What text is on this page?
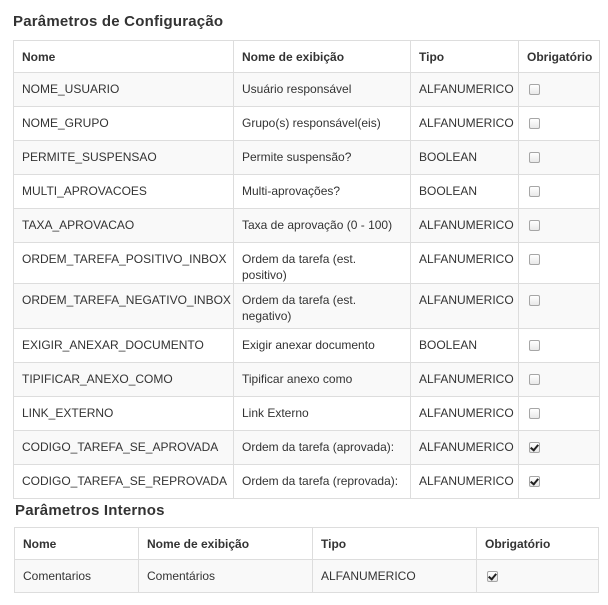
Parâmetros de Configuração
Nome	Nome de exibição	Tipo	Obrigatório
NOME_USUARIO	Usuário responsável	ALFANUMERICO	
NOME_GRUPO	Grupo(s) responsável(eis)	ALFANUMERICO	
PERMITE_SUSPENSAO	Permite suspensão?	BOOLEAN	
MULTI_APROVACOES	Multi-aprovações?	BOOLEAN	
TAXA_APROVACAO	Taxa de aprovação (0 - 100)	ALFANUMERICO	
ORDEM_TAREFA_POSITIVO_INBOX	Ordem da tarefa (est. positivo)	ALFANUMERICO	
ORDEM_TAREFA_NEGATIVO_INBOX	Ordem da tarefa (est. negativo)	ALFANUMERICO	
EXIGIR_ANEXAR_DOCUMENTO	Exigir anexar documento	BOOLEAN	
TIPIFICAR_ANEXO_COMO	Tipificar anexo como	ALFANUMERICO	
LINK_EXTERNO	Link Externo	ALFANUMERICO	
CODIGO_TAREFA_SE_APROVADA	Ordem da tarefa (aprovada):	ALFANUMERICO	
CODIGO_TAREFA_SE_REPROVADA	Ordem da tarefa (reprovada):	ALFANUMERICO	
Parâmetros Internos
Nome	Nome de exibição	Tipo	Obrigatório
Comentarios	Comentários	ALFANUMERICO	
